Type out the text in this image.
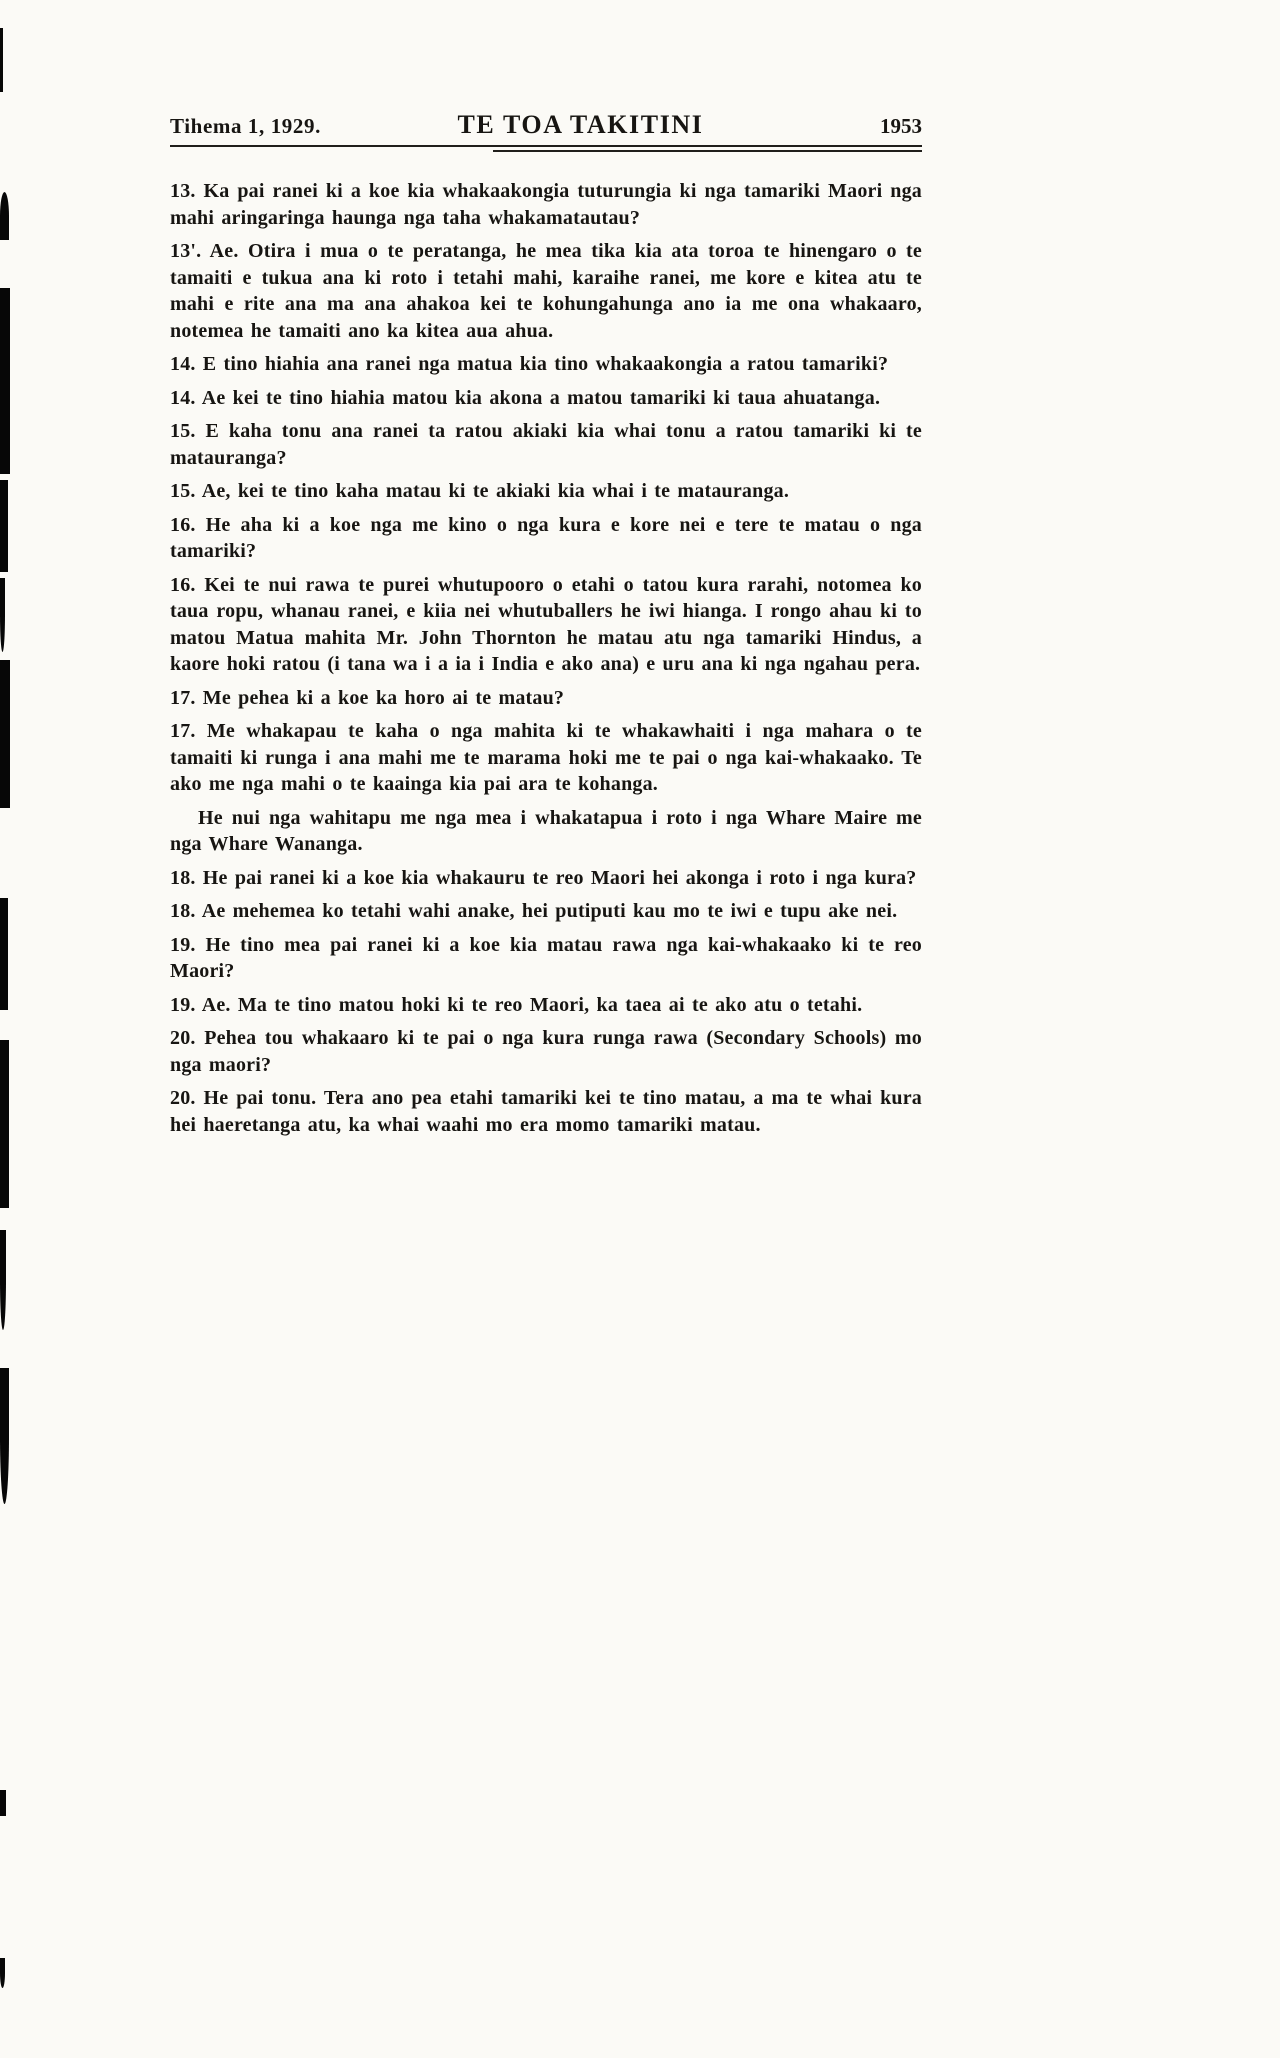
Tihema 1, 1929.	TE TOA TAKITINI	1953

13. Ka pai ranei ki a koe kia whakaakongia tuturungia ki nga tamariki Maori nga mahi aringaringa haunga nga taha whakamatautau?

13'. Ae. Otira i mua o te peratanga, he mea tika kia ata toroa te hinengaro o te tamaiti e tukua ana ki roto i tetahi mahi, karaihe ranei, me kore e kitea atu te mahi e rite ana ma ana ahakoa kei te kohungahunga ano ia me ona whakaaro, notemea he tamaiti ano ka kitea aua ahua.

14. E tino hiahia ana ranei nga matua kia tino whakaakongia a ratou tamariki?

14. Ae kei te tino hiahia matou kia akona a matou tamariki ki taua ahuatanga.

15. E kaha tonu ana ranei ta ratou akiaki kia whai tonu a ratou tamariki ki te matauranga?

15. Ae, kei te tino kaha matau ki te akiaki kia whai i te matauranga.

16. He aha ki a koe nga me kino o nga kura e kore nei e tere te matau o nga tamariki?

16. Kei te nui rawa te purei whutupooro o etahi o tatou kura rarahi, notomea ko taua ropu, whanau ranei, e kiia nei whutuballers he iwi hianga. I rongo ahau ki to matou Matua mahita Mr. John Thornton he matau atu nga tamariki Hindus, a kaore hoki ratou (i tana wa i a ia i India e ako ana) e uru ana ki nga ngahau pera.

17. Me pehea ki a koe ka horo ai te matau?

17. Me whakapau te kaha o nga mahita ki te whakawhaiti i nga mahara o te tamaiti ki runga i ana mahi me te marama hoki me te pai o nga kai-whakaako. Te ako me nga mahi o te kaainga kia pai ara te kohanga.

He nui nga wahitapu me nga mea i whakatapua i roto i nga Whare Maire me nga Whare Wananga.

18. He pai ranei ki a koe kia whakauru te reo Maori hei akonga i roto i nga kura?

18. Ae mehemea ko tetahi wahi anake, hei putiputi kau mo te iwi e tupu ake nei.

19. He tino mea pai ranei ki a koe kia matau rawa nga kai-whakaako ki te reo Maori?

19. Ae. Ma te tino matou hoki ki te reo Maori, ka taea ai te ako atu o tetahi.

20. Pehea tou whakaaro ki te pai o nga kura runga rawa (Secondary Schools) mo nga maori?

20. He pai tonu. Tera ano pea etahi tamariki kei te tino matau, a ma te whai kura hei haeretanga atu, ka whai waahi mo era momo tamariki matau.
